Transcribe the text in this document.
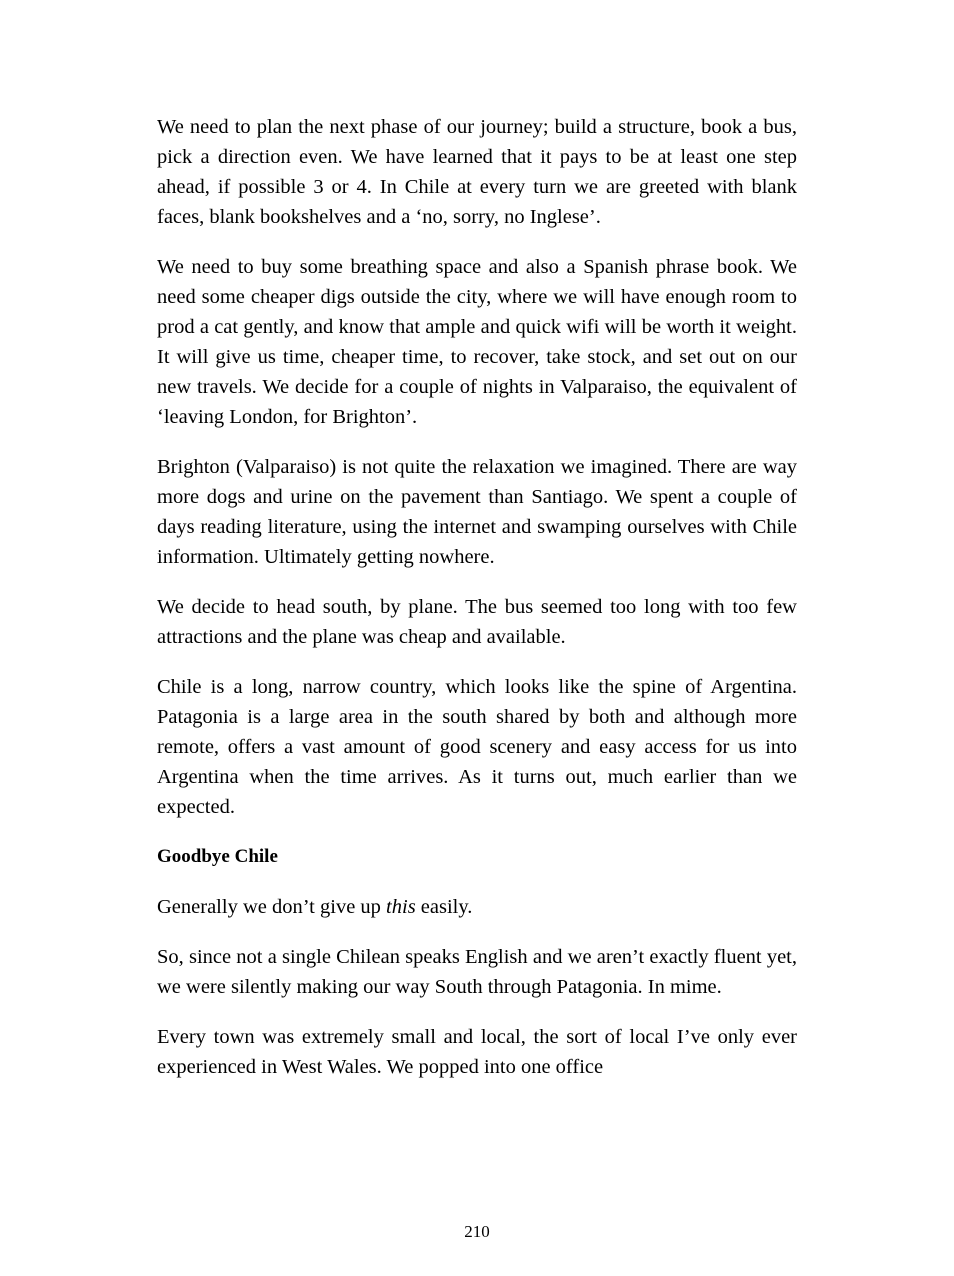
We need to plan the next phase of our journey; build a structure, book a bus, pick a direction even. We have learned that it pays to be at least one step ahead, if possible 3 or 4. In Chile at every turn we are greeted with blank faces, blank bookshelves and a ‘no, sorry, no Inglese’.

We need to buy some breathing space and also a Spanish phrase book. We need some cheaper digs outside the city, where we will have enough room to prod a cat gently, and know that ample and quick wifi will be worth it weight. It will give us time, cheaper time, to recover, take stock, and set out on our new travels. We decide for a couple of nights in Valparaiso, the equivalent of ‘leaving London, for Brighton’.

Brighton (Valparaiso) is not quite the relaxation we imagined. There are way more dogs and urine on the pavement than Santiago. We spent a couple of days reading literature, using the internet and swamping ourselves with Chile information. Ultimately getting nowhere.

We decide to head south, by plane. The bus seemed too long with too few attractions and the plane was cheap and available.

Chile is a long, narrow country, which looks like the spine of Argentina. Patagonia is a large area in the south shared by both and although more remote, offers a vast amount of good scenery and easy access for us into Argentina when the time arrives. As it turns out, much earlier than we expected.

Goodbye Chile

Generally we don’t give up this easily.

So, since not a single Chilean speaks English and we aren’t exactly fluent yet, we were silently making our way South through Patagonia. In mime.

Every town was extremely small and local, the sort of local I’ve only ever experienced in West Wales. We popped into one office

210
